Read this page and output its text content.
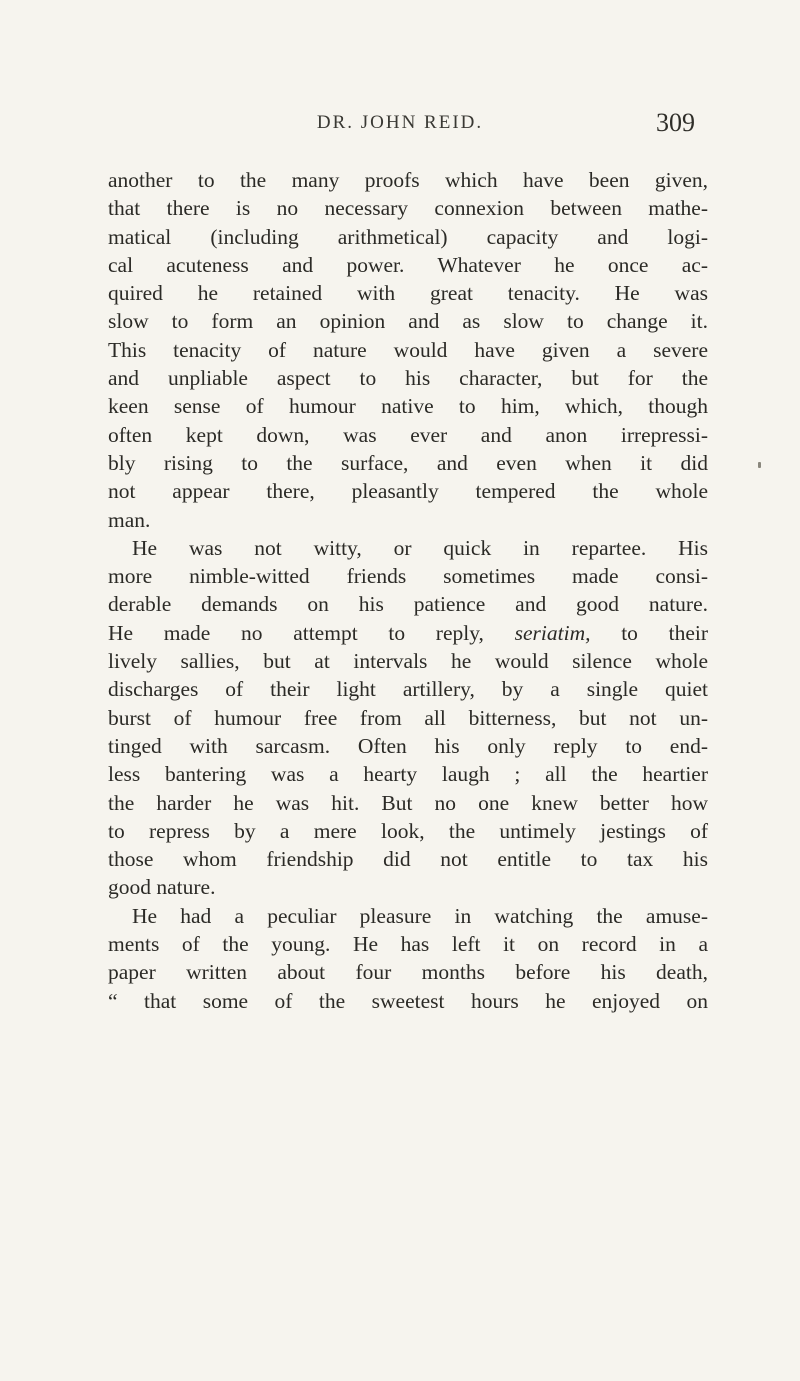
DR. JOHN REID.	309
another to the many proofs which have been given,
that there is no necessary connexion between mathe-
matical (including arithmetical) capacity and logi-
cal acuteness and power. Whatever he once ac-
quired he retained with great tenacity. He was
slow to form an opinion and as slow to change it.
This tenacity of nature would have given a severe
and unpliable aspect to his character, but for the
keen sense of humour native to him, which, though
often kept down, was ever and anon irrepressi-
bly rising to the surface, and even when it did
not appear there, pleasantly tempered the whole
man.
He was not witty, or quick in repartee. His
more nimble-witted friends sometimes made consi-
derable demands on his patience and good nature.
He made no attempt to reply, seriatim, to their
lively sallies, but at intervals he would silence whole
discharges of their light artillery, by a single quiet
burst of humour free from all bitterness, but not un-
tinged with sarcasm. Often his only reply to end-
less bantering was a hearty laugh ; all the heartier
the harder he was hit. But no one knew better how
to repress by a mere look, the untimely jestings of
those whom friendship did not entitle to tax his
good nature.
He had a peculiar pleasure in watching the amuse-
ments of the young. He has left it on record in a
paper written about four months before his death,
“ that some of the sweetest hours he enjoyed on
